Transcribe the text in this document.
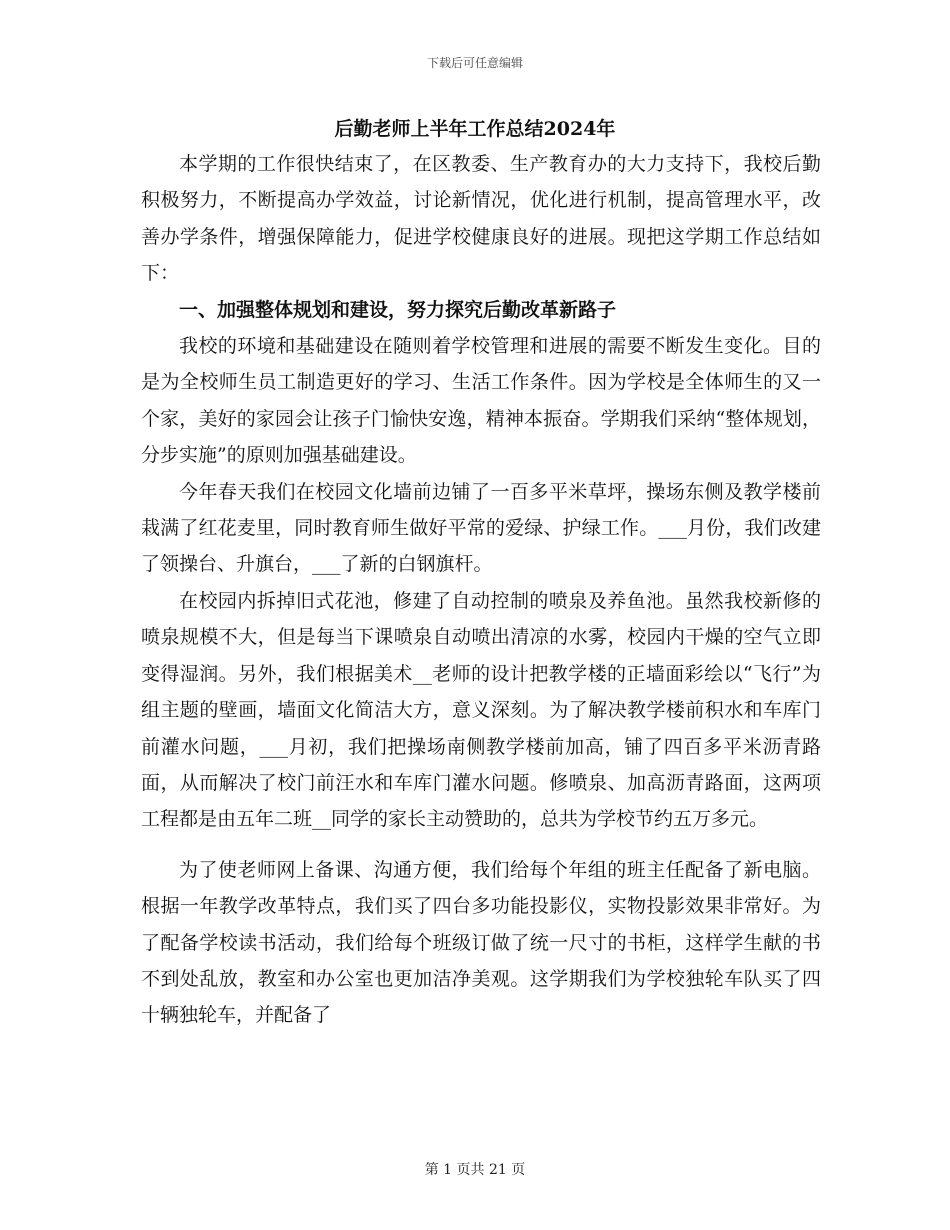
下载后可任意编辑
后勤老师上半年工作总结2024年

本学期的工作很快结束了，在区教委、生产教育办的大力支持下，我校后勤积极努力，不断提高办学效益，讨论新情况，优化进行机制，提高管理水平，改善办学条件，增强保障能力，促进学校健康良好的进展。现把这学期工作总结如下：

一、加强整体规划和建设，努力探究后勤改革新路子

我校的环境和基础建设在随则着学校管理和进展的需要不断发生变化。目的是为全校师生员工制造更好的学习、生活工作条件。因为学校是全体师生的又一个家，美好的家园会让孩子门愉快安逸，精神本振奋。学期我们采纳“整体规划，分步实施”的原则加强基础建设。

今年春天我们在校园文化墙前边铺了一百多平米草坪，操场东侧及教学楼前栽满了红花麦里，同时教育师生做好平常的爱绿、护绿工作。___月份，我们改建了领操台、升旗台，___了新的白钢旗杆。

在校园内拆掉旧式花池，修建了自动控制的喷泉及养鱼池。虽然我校新修的喷泉规模不大，但是每当下课喷泉自动喷出清凉的水雾，校园内干燥的空气立即变得湿润。另外，我们根据美术__老师的设计把教学楼的正墙面彩绘以“飞行”为组主题的壁画，墙面文化简洁大方，意义深刻。为了解决教学楼前积水和车库门前灌水问题，___月初，我们把操场南侧教学楼前加高，铺了四百多平米沥青路面，从而解决了校门前汪水和车库门灌水问题。修喷泉、加高沥青路面，这两项工程都是由五年二班__同学的家长主动赞助的，总共为学校节约五万多元。

为了使老师网上备课、沟通方便，我们给每个年组的班主任配备了新电脑。根据一年教学改革特点，我们买了四台多功能投影仪，实物投影效果非常好。为了配备学校读书活动，我们给每个班级订做了统一尺寸的书柜，这样学生献的书不到处乱放，教室和办公室也更加洁净美观。这学期我们为学校独轮车队买了四十辆独轮车，并配备了

第 1 页共 21 页
